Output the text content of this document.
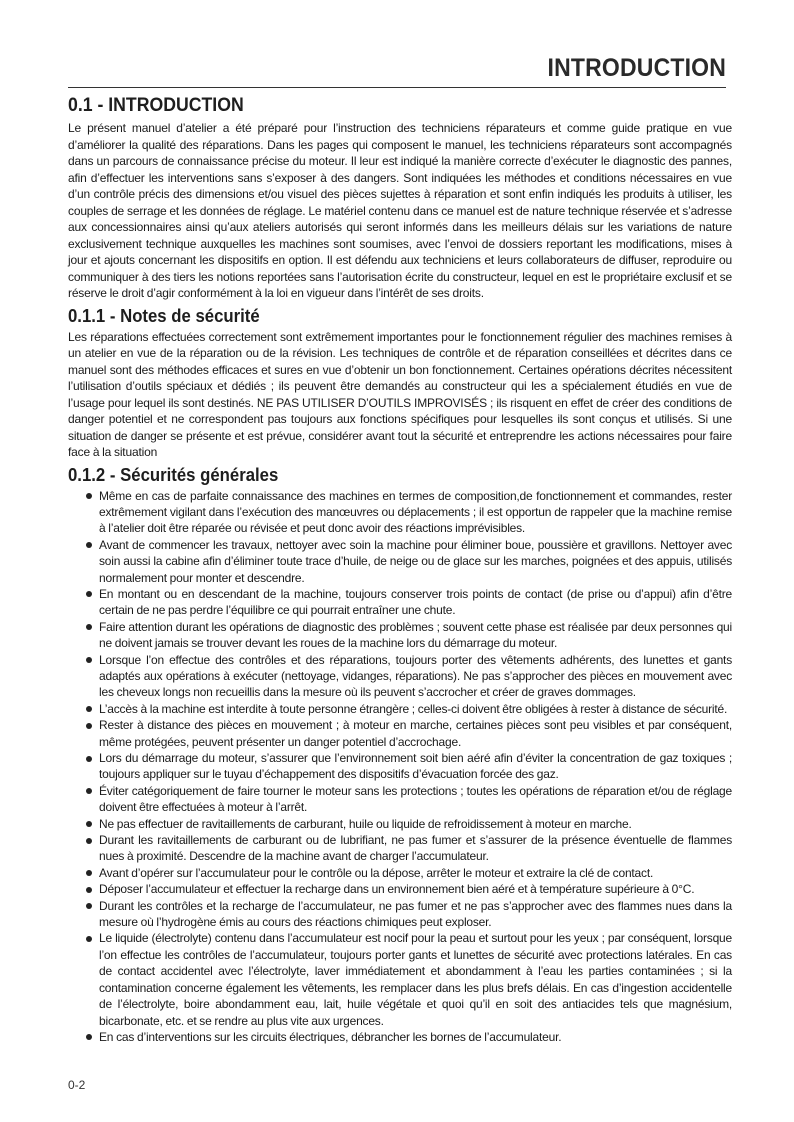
INTRODUCTION
0.1 - INTRODUCTION

Le présent manuel d’atelier a été préparé pour l’instruction des techniciens réparateurs et comme guide pratique en vue d’améliorer la qualité des réparations. Dans les pages qui composent le manuel, les techniciens réparateurs sont accompagnés dans un parcours de connaissance précise du moteur. Il leur est indiqué la manière correcte d’exécuter le diagnostic des pannes, afin d’effectuer les interventions sans s’exposer à des dangers. Sont indiquées les méthodes et conditions nécessaires en vue d’un contrôle précis des dimensions et/ou visuel des pièces sujettes à réparation et sont enfin indiqués les produits à utiliser, les couples de serrage et les données de réglage. Le matériel contenu dans ce manuel est de nature technique réservée et s’adresse aux concessionnaires ainsi qu’aux ateliers autorisés qui seront informés dans les meilleurs délais sur les variations de nature exclusivement technique auxquelles les machines sont soumises, avec l’envoi de dossiers reportant les modifications, mises à jour et ajouts concernant les dispositifs en option. Il est défendu aux techniciens et leurs collaborateurs de diffuser, reproduire ou communiquer à des tiers les notions reportées sans l’autorisation écrite du constructeur, lequel en est le propriétaire exclusif et se réserve le droit d’agir conformément à la loi en vigueur dans l’intérêt de ses droits.

0.1.1 - Notes de sécurité

Les réparations effectuées correctement sont extrêmement importantes pour le fonctionnement régulier des machines remises à un atelier en vue de la réparation ou de la révision. Les techniques de contrôle et de réparation conseillées et décrites dans ce manuel sont des méthodes efficaces et sures en vue d’obtenir un bon fonctionnement. Certaines opérations décrites nécessitent l’utilisation d’outils spéciaux et dédiés ; ils peuvent être demandés au constructeur qui les a spécialement étudiés en vue de l’usage pour lequel ils sont destinés. NE PAS UTILISER D’OUTILS IMPROVISÉS ; ils risquent en effet de créer des conditions de danger potentiel et ne correspondent pas toujours aux fonctions spécifiques pour lesquelles ils sont conçus et utilisés. Si une situation de danger se présente et est prévue, considérer avant tout la sécurité et entreprendre les actions nécessaires pour faire face à la situation

0.1.2 - Sécurités générales
Même en cas de parfaite connaissance des machines en termes de composition,de fonctionnement et commandes, rester extrêmement vigilant dans l’exécution des manœuvres ou déplacements ; il est opportun de rappeler que la machine remise à l’atelier doit être réparée ou révisée et peut donc avoir des réactions imprévisibles.
Avant de commencer les travaux, nettoyer avec soin la machine pour éliminer boue, poussière et gravillons. Nettoyer avec soin aussi la cabine afin d’éliminer toute trace d’huile, de neige ou de glace sur les marches, poignées et des appuis, utilisés normalement pour monter et descendre.
En montant ou en descendant de la machine, toujours conserver trois points de contact (de prise ou d’appui) afin d’être certain de ne pas perdre l’équilibre ce qui pourrait entraîner une chute.
Faire attention durant les opérations de diagnostic des problèmes ; souvent cette phase est réalisée par deux personnes qui ne doivent jamais se trouver devant les roues de la machine lors du démarrage du moteur.
Lorsque l’on effectue des contrôles et des réparations, toujours porter des vêtements adhérents, des lunettes et gants adaptés aux opérations à exécuter (nettoyage, vidanges, réparations). Ne pas s’approcher des pièces en mouvement avec les cheveux longs non recueillis dans la mesure où ils peuvent s’accrocher et créer de graves dommages.
L’accès à la machine est interdite à toute personne étrangère ; celles-ci doivent être obligées à rester à distance de sécurité.
Rester à distance des pièces en mouvement ; à moteur en marche, certaines pièces sont peu visibles et par conséquent, même protégées, peuvent présenter un danger potentiel d’accrochage.
Lors du démarrage du moteur, s’assurer que l’environnement soit bien aéré afin d’éviter la concentration de gaz toxiques ; toujours appliquer sur le tuyau d’échappement des dispositifs d’évacuation forcée des gaz.
Éviter catégoriquement de faire tourner le moteur sans les protections ; toutes les opérations de réparation et/ou de réglage doivent être effectuées à moteur à l’arrêt.
Ne pas effectuer de ravitaillements de carburant, huile ou liquide de refroidissement à moteur en marche.
Durant les ravitaillements de carburant ou de lubrifiant, ne pas fumer et s’assurer de la présence éventuelle de flammes nues à proximité. Descendre de la machine avant de charger l’accumulateur.
Avant d’opérer sur l’accumulateur pour le contrôle ou la dépose, arrêter le moteur et extraire la clé de contact.
Déposer l’accumulateur et effectuer la recharge dans un environnement bien aéré et à température supérieure à 0°C.
Durant les contrôles et la recharge de l’accumulateur, ne pas fumer et ne pas s’approcher avec des flammes nues dans la mesure où l’hydrogène émis au cours des réactions chimiques peut exploser.
Le liquide (électrolyte) contenu dans l’accumulateur est nocif pour la peau et surtout pour les yeux ; par conséquent, lorsque l’on effectue les contrôles de l’accumulateur, toujours porter gants et lunettes de sécurité avec protections latérales. En cas de contact accidentel avec l’électrolyte, laver immédiatement et abondamment à l’eau les parties contaminées ; si la contamination concerne également les vêtements, les remplacer dans les plus brefs délais. En cas d’ingestion accidentelle de l’électrolyte, boire abondamment eau, lait, huile végétale et quoi qu’il en soit des antiacides tels que magnésium, bicarbonate, etc. et se rendre au plus vite aux urgences.
En cas d’interventions sur les circuits électriques, débrancher les bornes de l’accumulateur.
0-2
